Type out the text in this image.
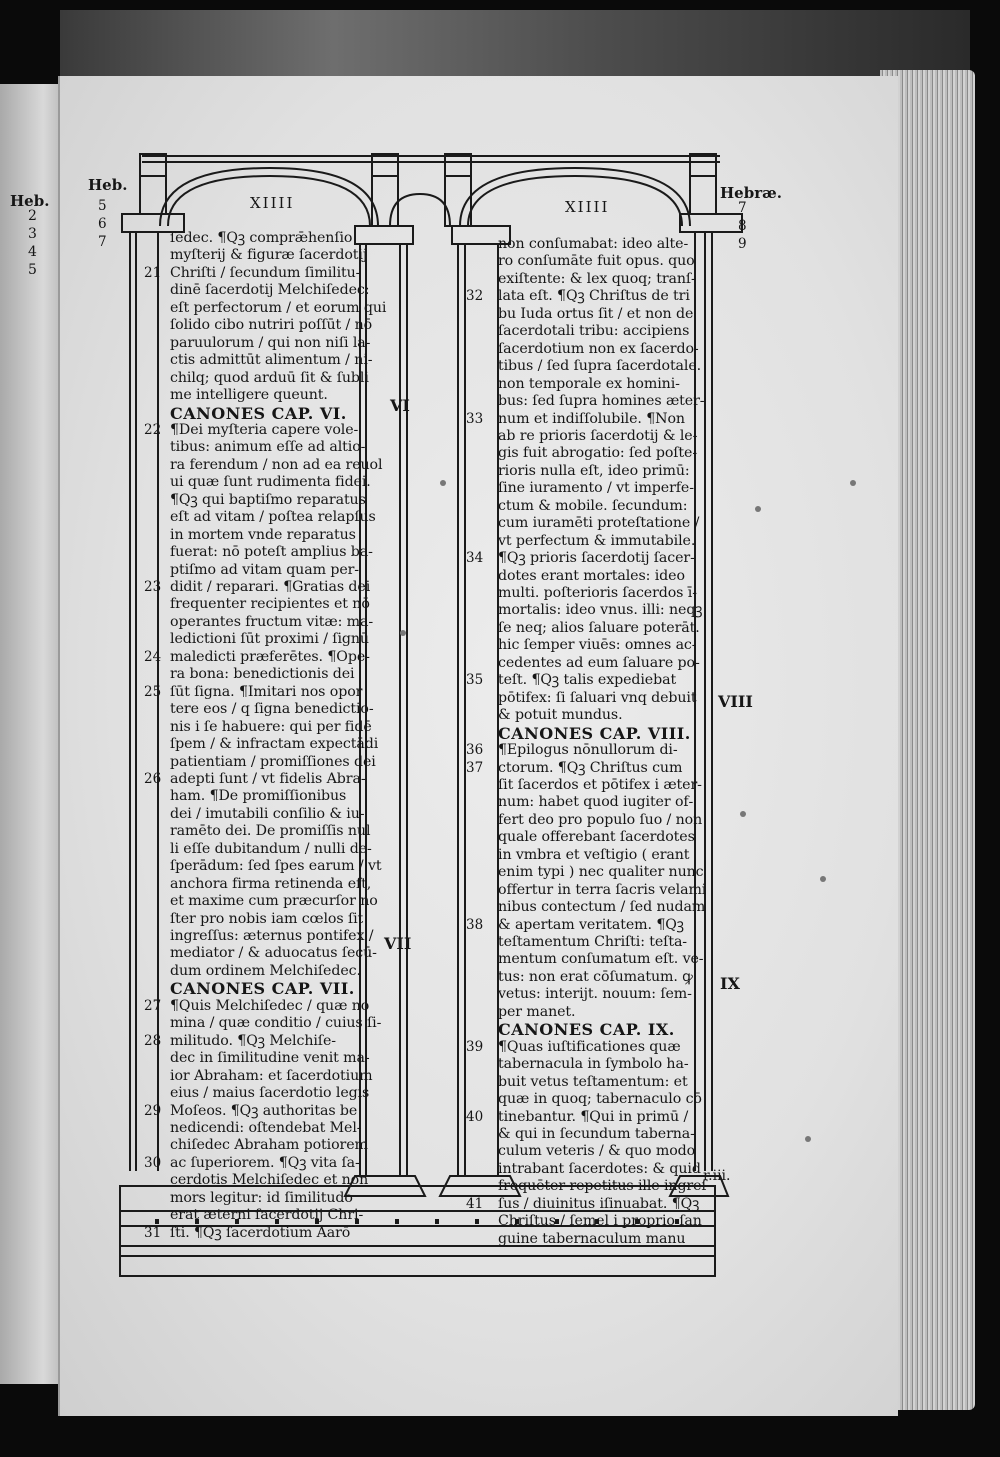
Heb.
2
3
4
5
Heb.	Hebræ.
XIIII	XIIII
5
6
7
7
8
9
VI
VII
VIII
IX
r.iii.
ſedec. ¶Qꝫ comprǣhenſio
myſterij & figuræ ſacerdotij
Chriſti / ſecundum ſimilitu‑
dinē ſacerdotij Melchiſedec:
eſt perfectorum / et eorum qui
ſolido cibo nutriri poſſūt / nō
paruulorum / qui non niſi la‑
ctis admittūt alimentum / ni‑
chilq; quod arduū ſit & ſubli
me intelligere queunt.
CANONES CAP. VI.
¶Dei myſteria capere vole‑
tibus: animum eſſe ad altio‑
ra ferendum / non ad ea reuol
ui quæ ſunt rudimenta fidei.
¶Qꝫ qui baptiſmo reparatus
eſt ad vitam / poſtea relapſus
in mortem vnde reparatus
fuerat: nō poteſt amplius ba‑
ptiſmo ad vitam quam per‑
didit / reparari. ¶Gratias dei
frequenter recipientes et nō
operantes fructum vitæ: ma‑
ledictioni ſūt proximi / ſignū
maledicti præferētes. ¶Ope‑
ra bona: benedictionis dei
ſūt ſigna. ¶Imitari nos opor
tere eos / q ſigna benedictio‑
nis i ſe habuere: qui per fidē
ſpem / & infractam expectādi
patientiam / promiſſiones dei
adepti ſunt / vt fidelis Abra‑
ham. ¶De promiſſionibus
dei / imutabili conſilio & iu‑
ramēto dei. De promiſſis nul
li eſſe dubitandum / nulli de‑
ſperādum: ſed ſpes earum / vt
anchora firma retinenda eſt,
et maxime cum præcurſor no
ſter pro nobis iam cœlos ſit
ingreſſus: æternus pontifex /
mediator / & aduocatus ſecū‑
dum ordinem Melchiſedec.
CANONES CAP. VII.
¶Quis Melchiſedec / quæ no
mina / quæ conditio / cuius ſi‑
militudo. ¶Qꝫ Melchiſe‑
dec in ſimilitudine venit ma‑
ior Abraham: et ſacerdotium
eius / maius ſacerdotio legis
Moſeos. ¶Qꝫ authoritas be
nedicendi: oſtendebat Mel‑
chiſedec Abraham potiorem
ac ſuperiorem. ¶Qꝫ vita ſa‑
cerdotis Melchiſedec et non
mors legitur: id ſimilitudo
erat æterni ſacerdotij Chri‑
ſti. ¶Qꝫ ſacerdotium Aarō
21
22
23
24
25
26
27
28
29
30
31
non conſumabat: ideo alte‑
ro conſumāte fuit opus. quo
exiſtente: & lex quoq; tranſ‑
lata eſt. ¶Qꝫ Chriſtus de tri
bu Iuda ortus ſit / et non de
ſacerdotali tribu: accipiens
ſacerdotium non ex ſacerdo‑
tibus / ſed ſupra ſacerdotale.
non temporale ex homini‑
bus: ſed ſupra homines æter‑
num et indiſſolubile. ¶Non
ab re prioris ſacerdotij & le‑
gis fuit abrogatio: ſed poſte‑
rioris nulla eſt, ideo primū:
ſine iuramento / vt imperfe‑
ctum & mobile. ſecundum:
cum iuramēti proteſtatione /
vt perfectum & immutabile.
¶Qꝫ prioris ſacerdotij ſacer‑
dotes erant mortales: ideo
multi. poſterioris ſacerdos ī‑
mortalis: ideo vnus. illi: neqꝫ
ſe neq; alios ſaluare poterāt.
hic ſemper viuēs: omnes ac‑
cedentes ad eum ſaluare po‑
teſt. ¶Qꝫ talis expediebat
pōtifex: ſi ſaluari vnq debuit
& potuit mundus.
CANONES CAP. VIII.
¶Epilogus nōnullorum di‑
ctorum. ¶Qꝫ Chriſtus cum
ſit ſacerdos et pōtifex i æter‑
num: habet quod iugiter of‑
fert deo pro populo ſuo / non
quale offerebant ſacerdotes
in vmbra et veſtigio ( erant
enim typi ) nec qualiter nunc
offertur in terra ſacris velami
nibus contectum / ſed nudam
& apertam veritatem. ¶Qꝫ
teſtamentum Chriſti: teſta‑
mentum conſumatum eſt. ve‑
tus: non erat cōſumatum. ꝙ
vetus: interijt. nouum: ſem‑
per manet.
CANONES CAP. IX.
¶Quas iuſtificationes quæ
tabernacula in ſymbolo ha‑
buit vetus teſtamentum: et
quæ in quoq; tabernaculo cō
tinebantur. ¶Qui in primū /
& qui in ſecundum taberna‑
culum veteris / & quo modo
intrabant ſacerdotes: & quid
frequēter repetitus ille ingreſ
ſus / diuinitus iſinuabat. ¶Qꝫ
Chriſtus / ſemel i proprio ſan
guine tabernaculum manu
32
33
34
35
36
37
38
39
40
41
